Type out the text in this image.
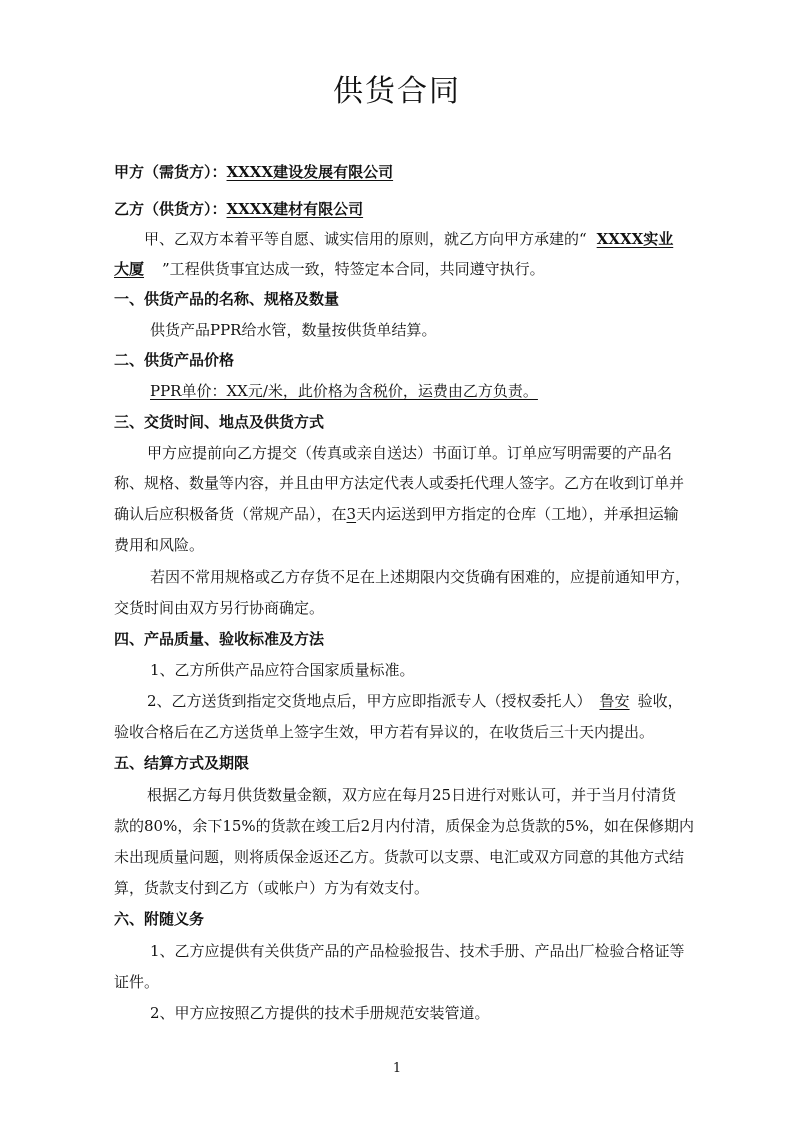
供货合同
甲方（需货方）：XXXX建设发展有限公司
乙方（供货方）：XXXX建材有限公司
甲、乙双方本着平等自愿、诚实信用的原则，就乙方向甲方承建的“ XXXX实业
大厦 ”工程供货事宜达成一致，特签定本合同，共同遵守执行。
一、供货产品的名称、规格及数量
供货产品PPR给水管，数量按供货单结算。
二、供货产品价格
PPR单价：XX元/米，此价格为含税价，运费由乙方负责。
三、交货时间、地点及供货方式
甲方应提前向乙方提交（传真或亲自送达）书面订单。订单应写明需要的产品名
称、规格、数量等内容，并且由甲方法定代表人或委托代理人签字。乙方在收到订单并
确认后应积极备货（常规产品），在3天内运送到甲方指定的仓库（工地），并承担运输
费用和风险。
若因不常用规格或乙方存货不足在上述期限内交货确有困难的，应提前通知甲方，
交货时间由双方另行协商确定。
四、产品质量、验收标准及方法
1、乙方所供产品应符合国家质量标准。
2、乙方送货到指定交货地点后，甲方应即指派专人（授权委托人） 鲁安 验收，
验收合格后在乙方送货单上签字生效，甲方若有异议的，在收货后三十天内提出。
五、结算方式及期限
根据乙方每月供货数量金额，双方应在每月25日进行对账认可，并于当月付清货
款的80%，余下15%的货款在竣工后2月内付清，质保金为总货款的5%，如在保修期内
未出现质量问题，则将质保金返还乙方。货款可以支票、电汇或双方同意的其他方式结
算，货款支付到乙方（或帐户）方为有效支付。
六、附随义务
1、乙方应提供有关供货产品的产品检验报告、技术手册、产品出厂检验合格证等
证件。
2、甲方应按照乙方提供的技术手册规范安装管道。
1
